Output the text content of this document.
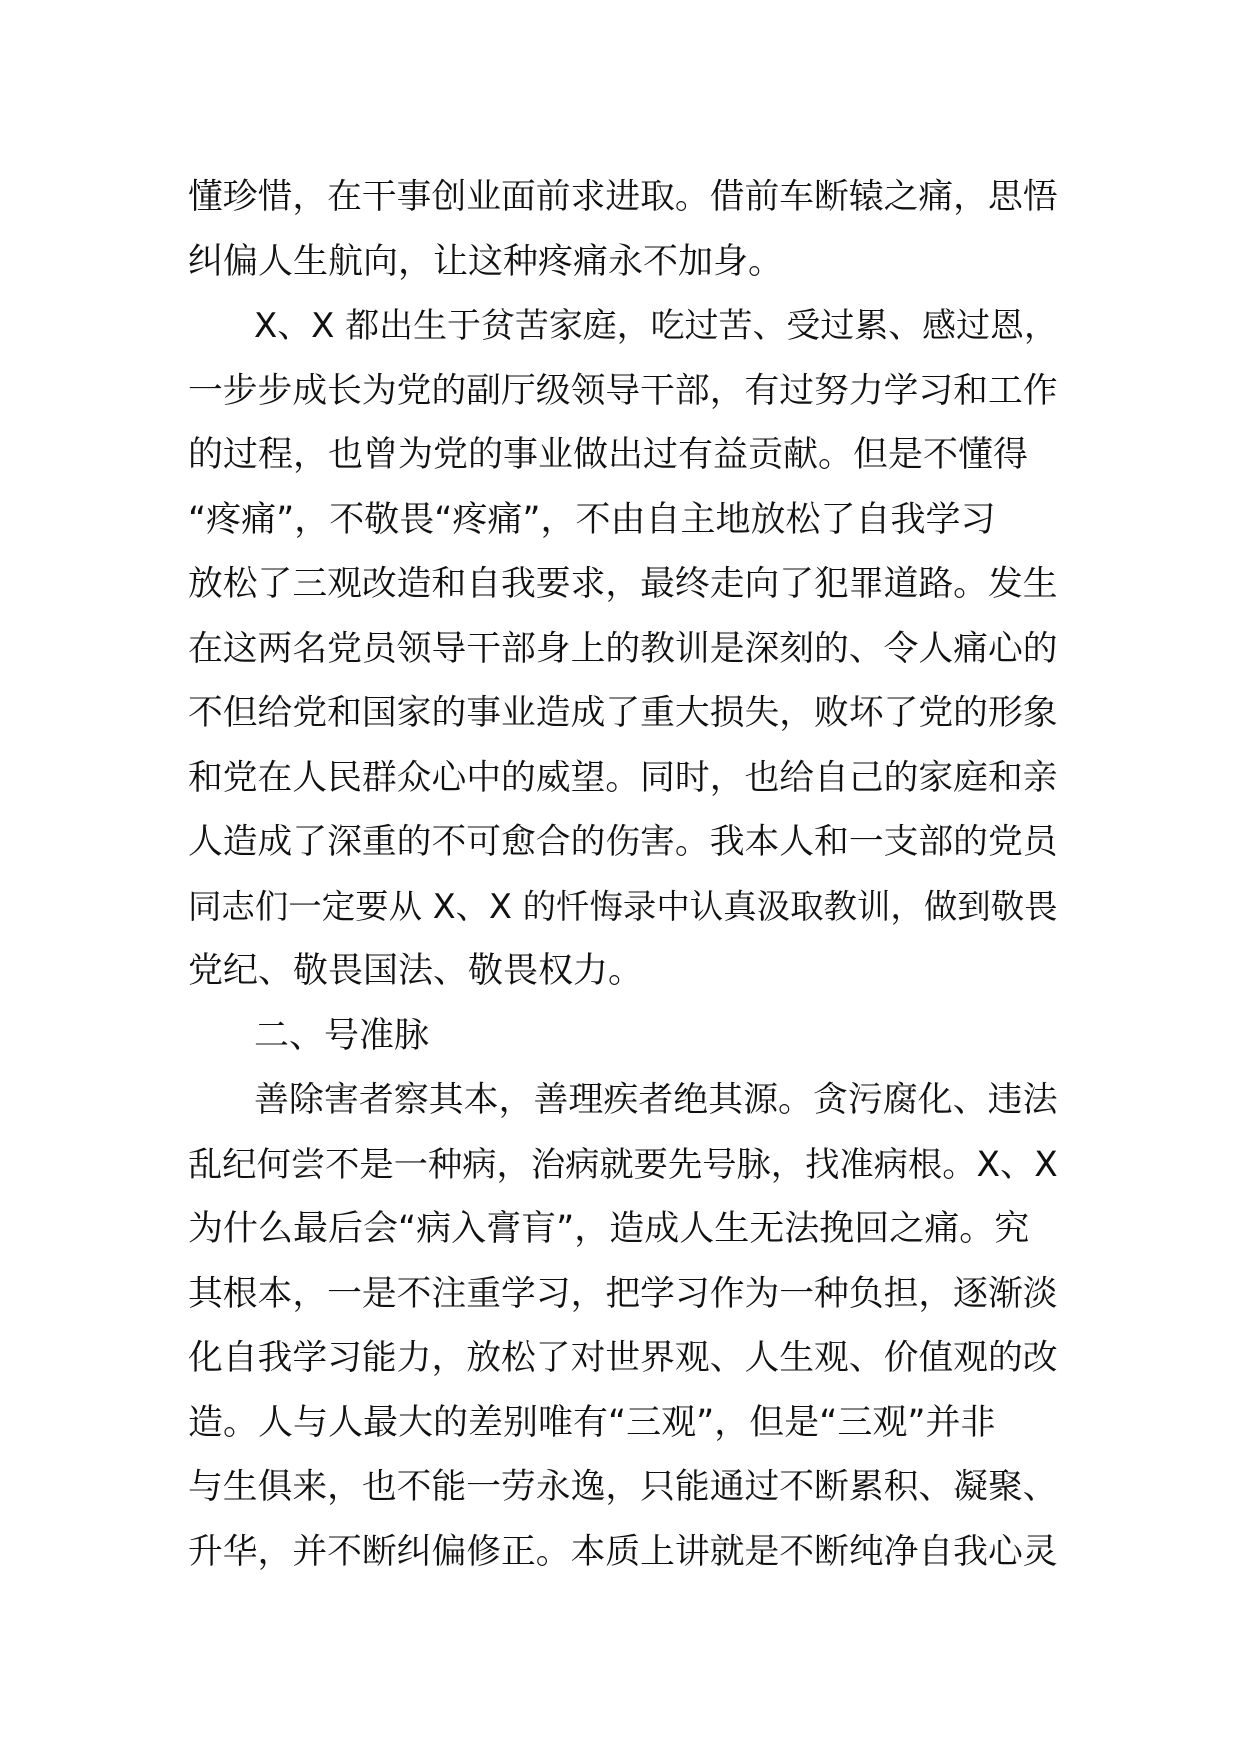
懂珍惜，在干事创业面前求进取。借前车断辕之痛，思悟
纠偏人生航向，让这种疼痛永不加身。
X、X 都出生于贫苦家庭，吃过苦、受过累、感过恩，
一步步成长为党的副厅级领导干部，有过努力学习和工作
的过程，也曾为党的事业做出过有益贡献。但是不懂得
“疼痛”，不敬畏“疼痛”，不由自主地放松了自我学习
放松了三观改造和自我要求，最终走向了犯罪道路。发生
在这两名党员领导干部身上的教训是深刻的、令人痛心的
不但给党和国家的事业造成了重大损失，败坏了党的形象
和党在人民群众心中的威望。同时，也给自己的家庭和亲
人造成了深重的不可愈合的伤害。我本人和一支部的党员
同志们一定要从 X、X 的忏悔录中认真汲取教训，做到敬畏
党纪、敬畏国法、敬畏权力。
二、号准脉
善除害者察其本，善理疾者绝其源。贪污腐化、违法
乱纪何尝不是一种病，治病就要先号脉，找准病根。X、X
为什么最后会“病入膏肓”，造成人生无法挽回之痛。究
其根本，一是不注重学习，把学习作为一种负担，逐渐淡
化自我学习能力，放松了对世界观、人生观、价值观的改
造。人与人最大的差别唯有“三观”，但是“三观”并非
与生俱来，也不能一劳永逸，只能通过不断累积、凝聚、
升华，并不断纠偏修正。本质上讲就是不断纯净自我心灵
